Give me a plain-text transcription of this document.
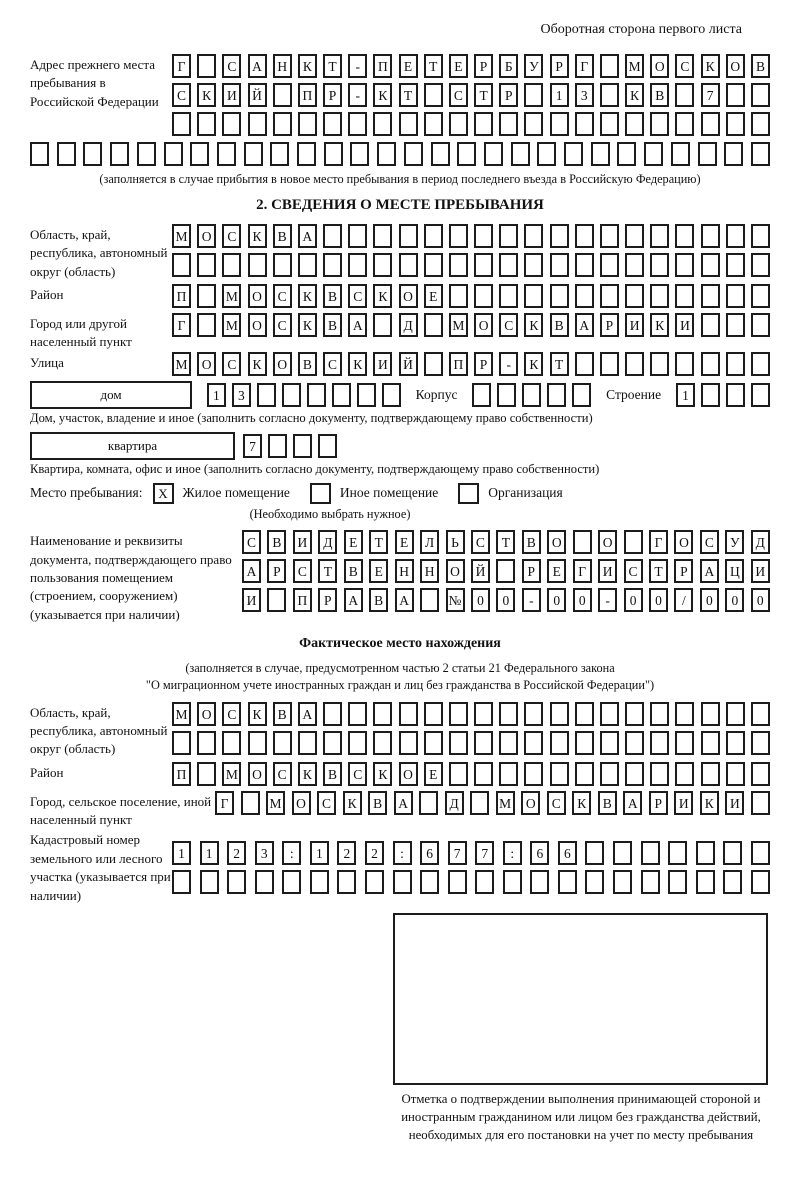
Оборотная сторона первого листа
Адрес прежнего места пребывания в Российской Федерации
Г	С	А	Н	К	Т	-	П	Е	Т	Е	Р	Б	У	Р	Г	М	О	С	К	О	В
С	К	И	Й	П	Р	-	К	Т	С	Т	Р	1	3	К	В	7
(заполняется в случае прибытия в новое место пребывания в период последнего въезда в Российскую Федерацию)
2. СВЕДЕНИЯ О МЕСТЕ ПРЕБЫВАНИЯ
Область, край, республика, автономный округ (область)
М	О	С	К	В	А
Район	П	М	О	С	К	В	С	К	О	Е
Город или другой населенный пункт
Г	М	О	С	К	В	А	Д	М	О	С	К	В	А	Р	И	К	И
Улица	М	О	С	К	О	В	С	К	И	Й	П	Р	-	К	Т
дом	1	3	Корпус	Строение	1
Дом, участок, владение и иное (заполнить согласно документу, подтверждающему право собственности)
квартира	7
Квартира, комната, офис и иное (заполнить согласно документу, подтверждающему право собственности)
Место пребывания:	X	Жилое помещение	Иное помещение	Организация
(Необходимо выбрать нужное)
Наименование и реквизиты документа, подтверждающего право пользования помещением (строением, сооружением) (указывается при наличии)
С	В	И	Д	Е	Т	Е	Л	Ь	С	Т	В	О	О	Г	О	С	У	Д
А	Р	С	Т	В	Е	Н	Н	О	Й	Р	Е	Г	И	С	Т	Р	А	Ц	И
И	П	Р	А	В	А	№	0	0	-	0	0	-	0	0	/	0	0	0
Фактическое место нахождения
(заполняется в случае, предусмотренном частью 2 статьи 21 Федерального закона
"О миграционном учете иностранных граждан и лиц без гражданства в Российской Федерации")
Область, край, республика, автономный округ (область)
М	О	С	К	В	А
Район	П	М	О	С	К	В	С	К	О	Е
Город, сельское поселение, иной населенный пункт
Г	М	О	С	К	В	А	Д	М	О	С	К	В	А	Р	И	К	И
Кадастровый номер земельного или лесного участка (указывается при наличии)
1	1	2	3	:	1	2	2	:	6	7	7	:	6	6
Отметка о подтверждении выполнения принимающей стороной и иностранным гражданином или лицом без гражданства действий, необходимых для его постановки на учет по месту пребывания
